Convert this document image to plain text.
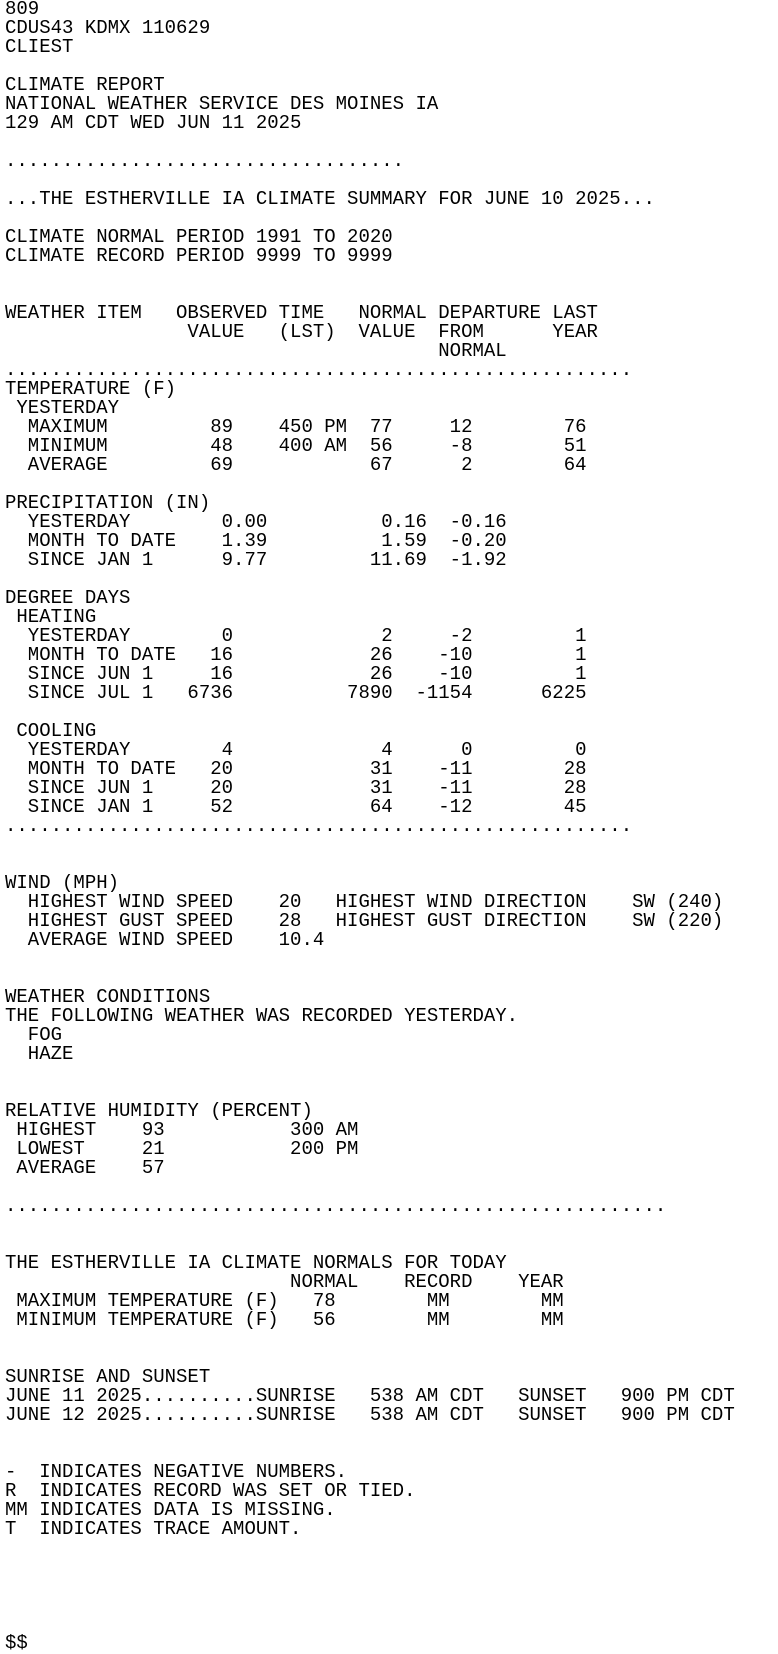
809
CDUS43 KDMX 110629
CLIEST
CLIMATE REPORT
NATIONAL WEATHER SERVICE DES MOINES IA
129 AM CDT WED JUN 11 2025
...................................
...THE ESTHERVILLE IA CLIMATE SUMMARY FOR JUNE 10 2025...
CLIMATE NORMAL PERIOD 1991 TO 2020
CLIMATE RECORD PERIOD 9999 TO 9999
WEATHER ITEM   OBSERVED TIME   NORMAL DEPARTURE LAST
VALUE   (LST)  VALUE  FROM      YEAR
NORMAL
.......................................................
TEMPERATURE (F)
YESTERDAY
MAXIMUM         89    450 PM  77     12        76
MINIMUM         48    400 AM  56     -8        51
AVERAGE         69            67      2        64
PRECIPITATION (IN)
YESTERDAY        0.00          0.16  -0.16
MONTH TO DATE    1.39          1.59  -0.20
SINCE JAN 1      9.77         11.69  -1.92
DEGREE DAYS
HEATING
YESTERDAY        0             2     -2         1
MONTH TO DATE   16            26    -10         1
SINCE JUN 1     16            26    -10         1
SINCE JUL 1   6736          7890  -1154      6225
COOLING
YESTERDAY        4             4      0         0
MONTH TO DATE   20            31    -11        28
SINCE JUN 1     20            31    -11        28
SINCE JAN 1     52            64    -12        45
.......................................................
WIND (MPH)
HIGHEST WIND SPEED    20   HIGHEST WIND DIRECTION    SW (240)
HIGHEST GUST SPEED    28   HIGHEST GUST DIRECTION    SW (220)
AVERAGE WIND SPEED    10.4
WEATHER CONDITIONS
THE FOLLOWING WEATHER WAS RECORDED YESTERDAY.
FOG
HAZE
RELATIVE HUMIDITY (PERCENT)
HIGHEST    93           300 AM
LOWEST     21           200 PM
AVERAGE    57
..........................................................
THE ESTHERVILLE IA CLIMATE NORMALS FOR TODAY
NORMAL    RECORD    YEAR
MAXIMUM TEMPERATURE (F)   78        MM        MM
MINIMUM TEMPERATURE (F)   56        MM        MM
SUNRISE AND SUNSET
JUNE 11 2025..........SUNRISE   538 AM CDT   SUNSET   900 PM CDT
JUNE 12 2025..........SUNRISE   538 AM CDT   SUNSET   900 PM CDT
-  INDICATES NEGATIVE NUMBERS.
R  INDICATES RECORD WAS SET OR TIED.
MM INDICATES DATA IS MISSING.
T  INDICATES TRACE AMOUNT.
$$
